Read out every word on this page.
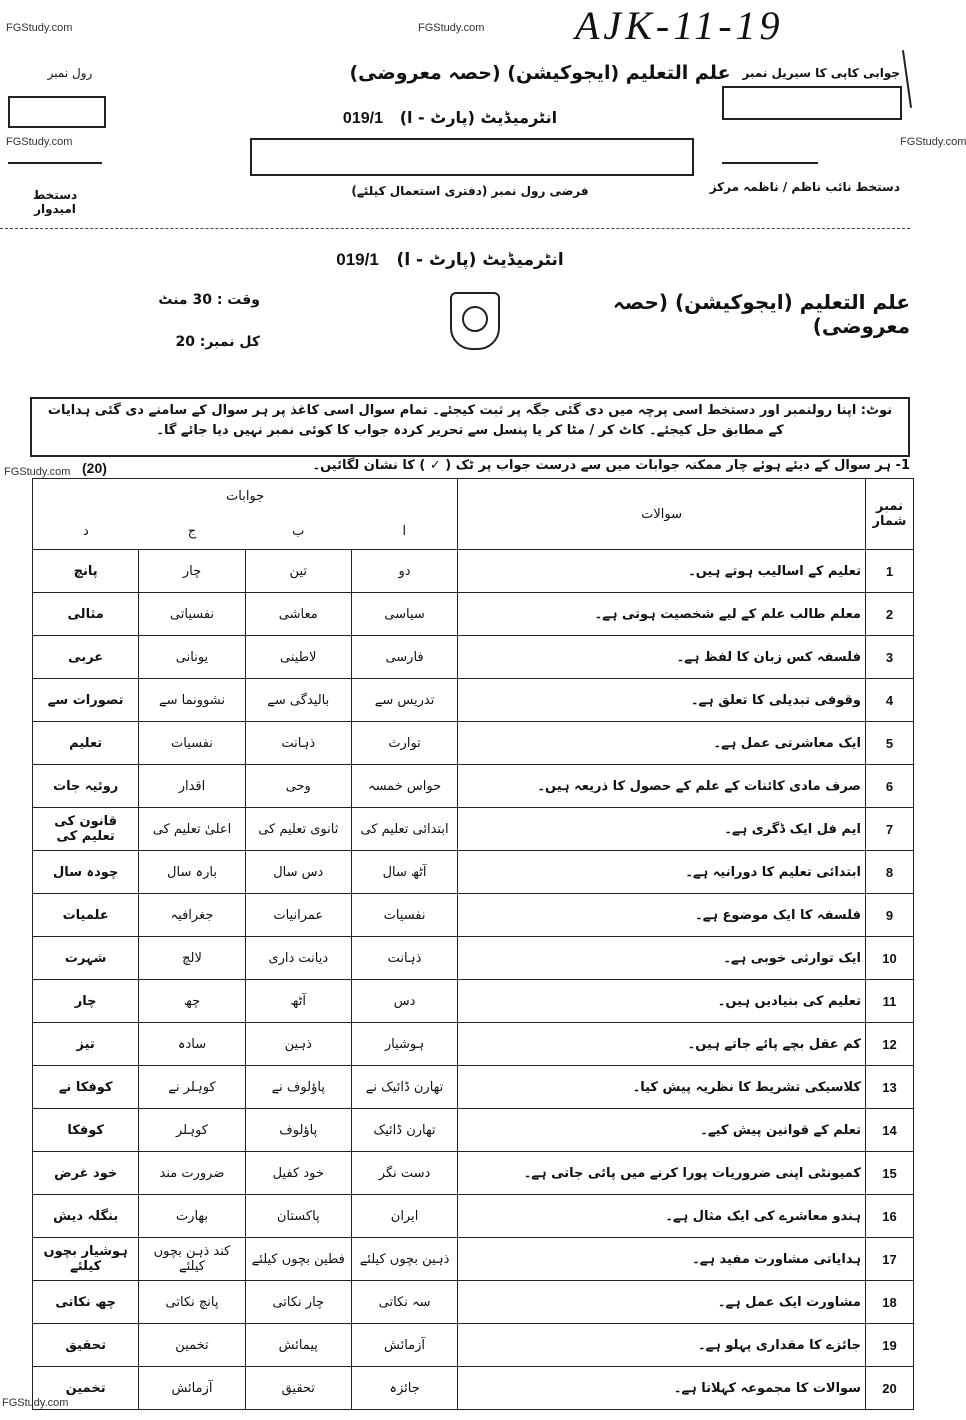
FGStudy.com	FGStudy.com
FGStudy.com	FGStudy.com
FGStudy.com
FGStudy.com
AJK-11-19
رول نمبر	جوابی کاپی کا سیریل نمبر
علم التعلیم (ایجوکیشن) (حصہ معروضی)
انٹرمیڈیٹ (پارٹ - ا)   019/1
دستخط امیدوار
فرضی رول نمبر (دفتری استعمال کیلئے)	دستخط نائب ناظم / ناظمہ مرکز
انٹرمیڈیٹ (پارٹ - ا)   019/1
علم التعلیم (ایجوکیشن) (حصہ معروضی)
وقت : 30 منٹ
کل نمبر: 20
نوٹ: اپنا رولنمبر اور دستخط اسی پرچہ میں دی گئی جگہ پر ثبت کیجئے۔ تمام سوال اسی کاغذ پر ہر سوال کے سامنے دی گئی ہدایات کے مطابق حل کیجئے۔ کاٹ کر / مٹا کر یا پنسل سے تحریر کردہ جواب کا کوئی نمبر نہیں دیا جائے گا۔
1- ہر سوال کے دیئے ہوئے چار ممکنہ جوابات میں سے درست جواب پر ٹک ( ✓ ) کا نشان لگائیں۔
(20)
نمبر شمار	سوالات	جوابات			
		ا	ب	ج	د
1	تعلیم کے اسالیب ہوتے ہیں۔	دو	تین	چار	پانچ
2	معلم طالب علم کے لیے شخصیت ہوتی ہے۔	سیاسی	معاشی	نفسیاتی	مثالی
3	فلسفہ کس زبان کا لفظ ہے۔	فارسی	لاطینی	یونانی	عربی
4	وقوفی تبدیلی کا تعلق ہے۔	تدریس سے	بالیدگی سے	نشوونما سے	تصورات سے
5	ایک معاشرتی عمل ہے۔	توارث	ذہانت	نفسیات	تعلیم
6	صرف مادی کائنات کے علم کے حصول کا ذریعہ ہیں۔	حواس خمسہ	وحی	اقدار	روئیہ جات
7	ایم فل ایک ڈگری ہے۔	ابتدائی تعلیم کی	ثانوی تعلیم کی	اعلیٰ تعلیم کی	قانون کی تعلیم کی
8	ابتدائی تعلیم کا دورانیہ ہے۔	آٹھ سال	دس سال	بارہ سال	چودہ سال
9	فلسفہ کا ایک موضوع ہے۔	نفسیات	عمرانیات	جغرافیہ	علمیات
10	ایک توارثی خوبی ہے۔	ذہانت	دیانت داری	لالچ	شہرت
11	تعلیم کی بنیادیں ہیں۔	دس	آٹھ	چھ	چار
12	کم عقل بچے پائے جاتے ہیں۔	ہوشیار	ذہین	سادہ	تیز
13	کلاسیکی تشریط کا نظریہ پیش کیا۔	تھارن ڈائیک نے	پاؤلوف نے	کوہلر نے	کوفکا نے
14	تعلم کے قوانین پیش کیے۔	تھارن ڈائیک	پاؤلوف	کوہلر	کوفکا
15	کمیونٹی اپنی ضروریات پورا کرنے میں پائی جاتی ہے۔	دست نگر	خود کفیل	ضرورت مند	خود غرض
16	ہندو معاشرے کی ایک مثال ہے۔	ایران	پاکستان	بھارت	بنگلہ دیش
17	ہدایاتی مشاورت مفید ہے۔	ذہین بچوں کیلئے	فطین بچوں کیلئے	کند ذہن بچوں کیلئے	ہوشیار بچوں کیلئے
18	مشاورت ایک عمل ہے۔	سہ نکاتی	چار نکاتی	پانچ نکاتی	چھ نکاتی
19	جائزے کا مقداری پہلو ہے۔	آزمائش	پیمائش	تخمین	تحقیق
20	سوالات کا مجموعہ کہلاتا ہے۔	جائزہ	تحقیق	آزمائش	تخمین
